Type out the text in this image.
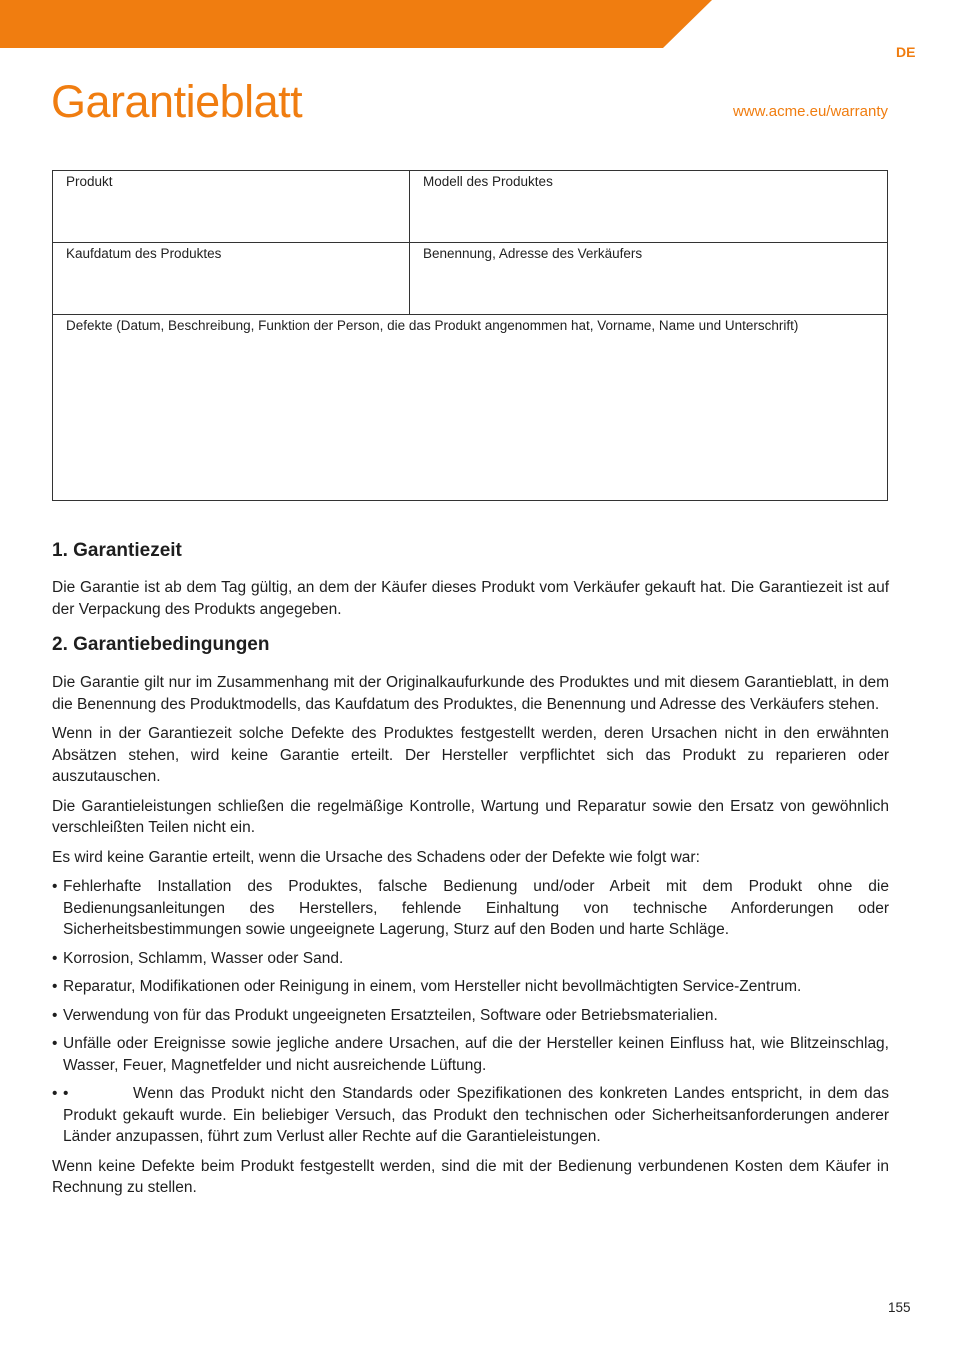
DE
Garantieblatt	www.acme.eu/warranty
Produkt	Modell des Produktes
Kaufdatum des Produktes	Benennung, Adresse des Verkäufers
Defekte (Datum, Beschreibung, Funktion der Person, die das Produkt angenommen hat, Vorname, Name und Unterschrift)	
1. Garantiezeit

Die Garantie ist ab dem Tag gültig, an dem der Käufer dieses Produkt vom Verkäufer gekauft hat. Die Garantiezeit ist auf der Verpackung des Produkts angegeben.

2. Garantiebedingungen

Die Garantie gilt nur im Zusammenhang mit der Originalkaufurkunde des Produktes und mit diesem Garantieblatt, in dem die Benennung des Produktmodells, das Kaufdatum des Produktes, die Benennung und Adresse des Verkäufers stehen.

Wenn in der Garantiezeit solche Defekte des Produktes festgestellt werden, deren Ursachen nicht in den erwähnten Absätzen stehen, wird keine Garantie erteilt. Der Hersteller verpflichtet sich das Produkt zu reparieren oder auszutauschen.

Die Garantieleistungen schließen die regelmäßige Kontrolle, Wartung und Reparatur sowie den Ersatz von gewöhnlich verschleißten Teilen nicht ein.

Es wird keine Garantie erteilt, wenn die Ursache des Schadens oder der Defekte wie folgt war:

• Fehlerhafte Installation des Produktes, falsche Bedienung und/oder Arbeit mit dem Produkt ohne die Bedienungsanleitungen des Herstellers, fehlende Einhaltung von technische Anforderungen oder Sicherheitsbestimmungen sowie ungeeignete Lagerung, Sturz auf den Boden und harte Schläge.
• Korrosion, Schlamm, Wasser oder Sand.
• Reparatur, Modifikationen oder Reinigung in einem, vom Hersteller nicht bevollmächtigten Service-Zentrum.
• Verwendung von für das Produkt ungeeigneten Ersatzteilen, Software oder Betriebsmaterialien.
• Unfälle oder Ereignisse sowie jegliche andere Ursachen, auf die der Hersteller keinen Einfluss hat, wie Blitzeinschlag, Wasser, Feuer, Magnetfelder und nicht ausreichende Lüftung.
• •	Wenn das Produkt nicht den Standards oder Spezifikationen des konkreten Landes entspricht, in dem das Produkt gekauft wurde. Ein beliebiger Versuch, das Produkt den technischen oder Sicherheitsanforderungen anderer Länder anzupassen, führt zum Verlust aller Rechte auf die Garantieleistungen.

Wenn keine Defekte beim Produkt festgestellt werden, sind die mit der Bedienung verbundenen Kosten dem Käufer in Rechnung zu stellen.

155
